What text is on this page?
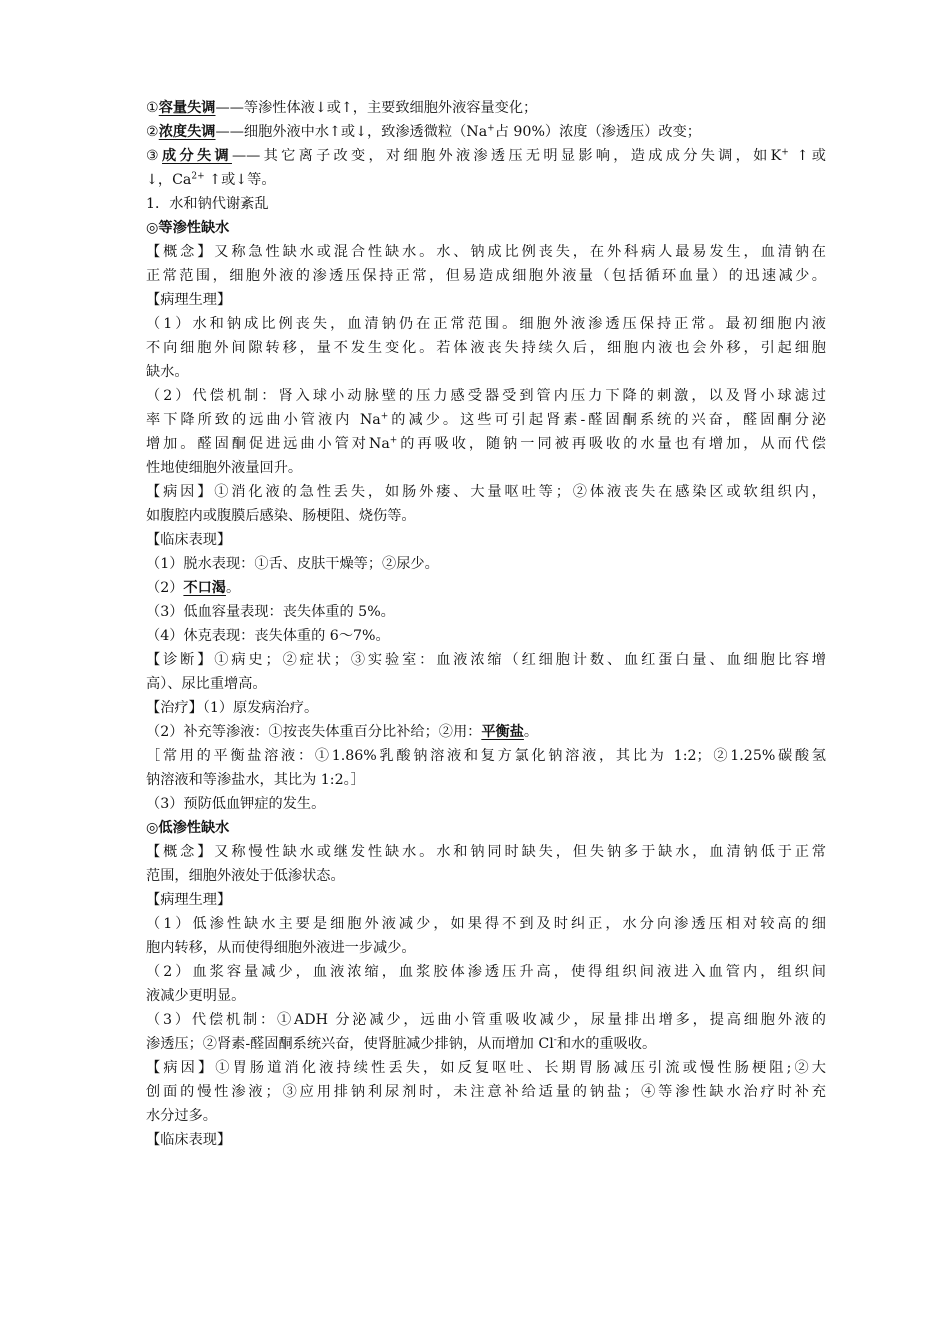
①容量失调——等渗性体液↓或↑，主要致细胞外液容量变化；
②浓度失调——细胞外液中水↑或↓，致渗透微粒（Na+占 90%）浓度（渗透压）改变；
③成分失调——其它离子改变，对细胞外液渗透压无明显影响，造成成分失调，如K+ ↑或
↓，$Ca^{2+}$ ↑或↓等。
1．水和钠代谢紊乱
◎等渗性缺水
【概念】又称急性缺水或混合性缺水。水、钠成比例丧失，在外科病人最易发生，血清钠在
正常范围，细胞外液的渗透压保持正常，但易造成细胞外液量（包括循环血量）的迅速减少。
【病理生理】
（1）水和钠成比例丧失，血清钠仍在正常范围。细胞外液渗透压保持正常。最初细胞内液
不向细胞外间隙转移，量不发生变化。若体液丧失持续久后，细胞内液也会外移，引起细胞
缺水。
（2）代偿机制：肾入球小动脉壁的压力感受器受到管内压力下降的刺激，以及肾小球滤过
率下降所致的远曲小管液内 Na+的减少。这些可引起肾素-醛固酮系统的兴奋，醛固酮分泌
增加。醛固酮促进远曲小管对Na+的再吸收，随钠一同被再吸收的水量也有增加，从而代偿
性地使细胞外液量回升。
【病因】①消化液的急性丢失，如肠外瘘、大量呕吐等；②体液丧失在感染区或软组织内，
如腹腔内或腹膜后感染、肠梗阻、烧伤等。
【临床表现】
（1）脱水表现：①舌、皮肤干燥等；②尿少。
（2）不口渴。
（3）低血容量表现：丧失体重的 5%。
（4）休克表现：丧失体重的 6～7%。
【诊断】①病史；②症状；③实验室：血液浓缩（红细胞计数、血红蛋白量、血细胞比容增
高）、尿比重增高。
【治疗】（1）原发病治疗。
（2）补充等渗液：①按丧失体重百分比补给；②用：平衡盐。
［常用的平衡盐溶液：①1.86%乳酸钠溶液和复方氯化钠溶液，其比为 1:2；②1.25%碳酸氢
钠溶液和等渗盐水，其比为 1:2。］
（3）预防低血钾症的发生。
◎低渗性缺水
【概念】又称慢性缺水或继发性缺水。水和钠同时缺失，但失钠多于缺水，血清钠低于正常
范围，细胞外液处于低渗状态。
【病理生理】
（1）低渗性缺水主要是细胞外液减少，如果得不到及时纠正，水分向渗透压相对较高的细
胞内转移，从而使得细胞外液进一步减少。
（2）血浆容量减少，血液浓缩，血浆胶体渗透压升高，使得组织间液进入血管内，组织间
液减少更明显。
（3）代偿机制：①ADH 分泌减少，远曲小管重吸收减少，尿量排出增多，提高细胞外液的
渗透压；②肾素-醛固酮系统兴奋，使肾脏减少排钠，从而增加 Cl-和水的重吸收。
【病因】①胃肠道消化液持续性丢失，如反复呕吐、长期胃肠减压引流或慢性肠梗阻;②大
创面的慢性渗液；③应用排钠利尿剂时，未注意补给适量的钠盐；④等渗性缺水治疗时补充
水分过多。
【临床表现】
